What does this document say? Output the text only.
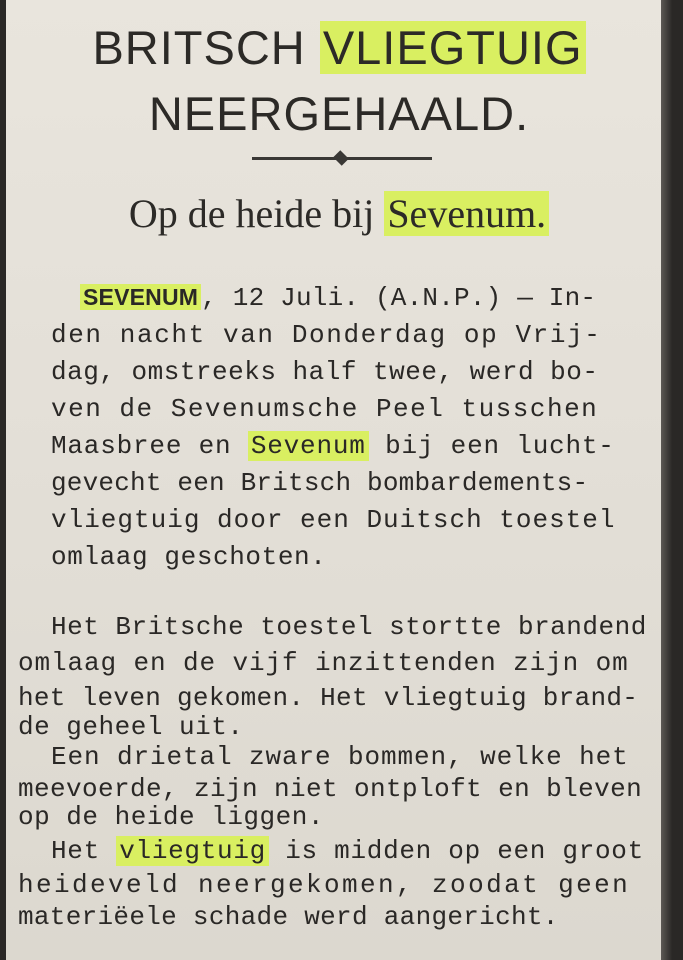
BRITSCH VLIEGTUIG
NEERGEHAALD.
Op de heide bij Sevenum.
SEVENUM , 12 Juli. (A.N.P.) — In-
den nacht van Donderdag op Vrij-
dag, omstreeks half twee, werd bo-
ven de Sevenumsche Peel tusschen
Maasbree en Sevenum bij een lucht-
gevecht een Britsch bombardements-
vliegtuig door een Duitsch toestel
omlaag geschoten.
Het Britsche toestel stortte brandend
omlaag en de vijf inzittenden zijn om
het leven gekomen. Het vliegtuig brand-
de geheel uit.
Een drietal zware bommen, welke het
meevoerde, zijn niet ontploft en bleven
op de heide liggen.
Het vliegtuig is midden op een groot
heideveld neergekomen, zoodat geen
materiëele schade werd aangericht.
